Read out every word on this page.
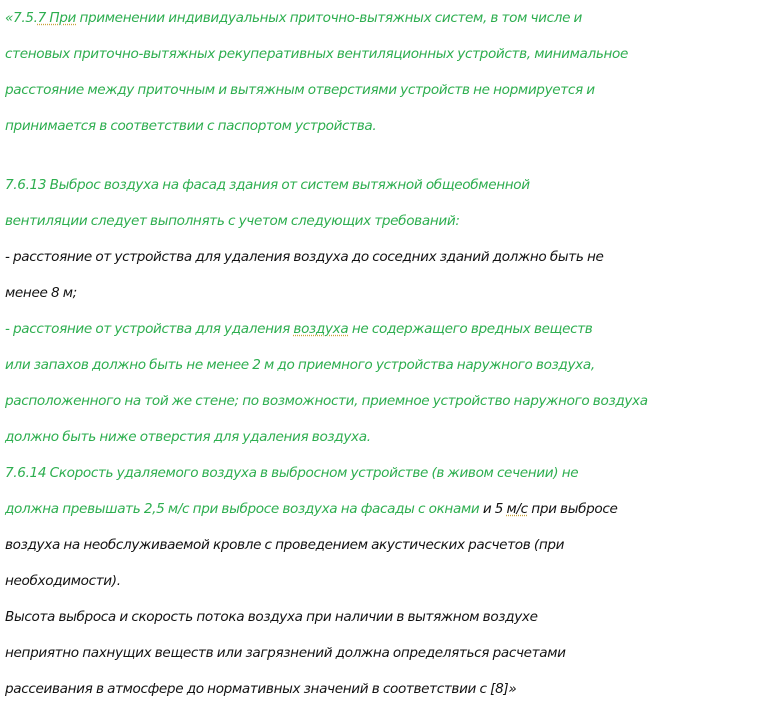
«7.5.7 При применении индивидуальных приточно-вытяжных систем, в том числе и
стеновых приточно-вытяжных рекуперативных вентиляционных устройств, минимальное
расстояние между приточным и вытяжным отверстиями устройств не нормируется и
принимается в соответствии с паспортом устройства.
7.6.13 Выброс воздуха на фасад здания от систем вытяжной общеобменной
вентиляции следует выполнять с учетом следующих требований:
- расстояние от устройства для удаления воздуха до соседних зданий должно быть не
менее 8 м;
- расстояние от устройства для удаления воздуха не содержащего вредных веществ
или запахов должно быть не менее 2 м до приемного устройства наружного воздуха,
расположенного на той же стене; по возможности, приемное устройство наружного воздуха
должно быть ниже отверстия для удаления воздуха.
7.6.14 Скорость удаляемого воздуха в выбросном устройстве (в живом сечении) не
должна превышать 2,5 м/с при выбросе воздуха на фасады с окнами и 5 м/с при выбросе
воздуха на необслуживаемой кровле с проведением акустических расчетов (при
необходимости).
Высота выброса и скорость потока воздуха при наличии в вытяжном воздухе
неприятно пахнущих веществ или загрязнений должна определяться расчетами
рассеивания в атмосфере до нормативных значений в соответствии с [8]»
